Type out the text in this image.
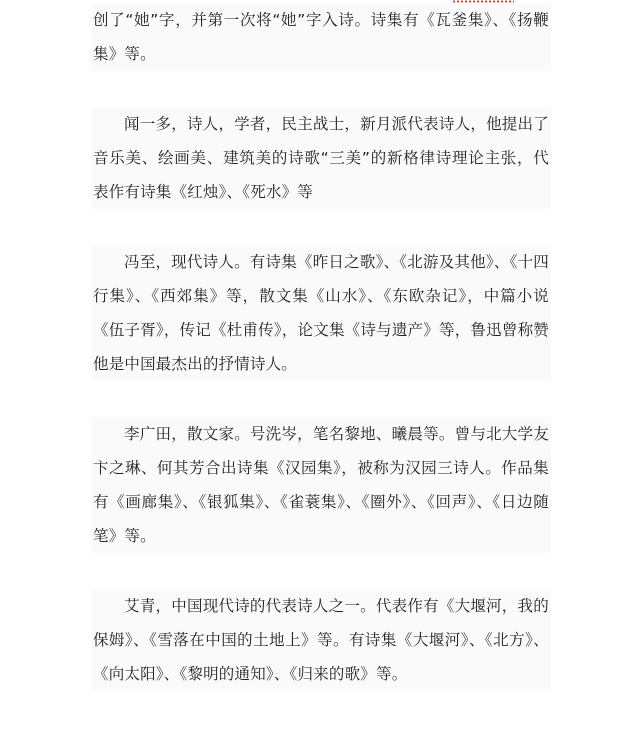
创了“她”字，并第一次将“她”字入诗。诗集有《瓦釜集》、《扬鞭集》等。

闻一多，诗人，学者，民主战士，新月派代表诗人，他提出了音乐美、绘画美、建筑美的诗歌“三美”的新格律诗理论主张，代表作有诗集《红烛》、《死水》等

冯至，现代诗人。有诗集《昨日之歌》、《北游及其他》、《十四行集》、《西郊集》等，散文集《山水》、《东欧杂记》，中篇小说《伍子胥》，传记《杜甫传》，论文集《诗与遗产》等，鲁迅曾称赞他是中国最杰出的抒情诗人。

李广田，散文家。号洗岑，笔名黎地、曦晨等。曾与北大学友卞之琳、何其芳合出诗集《汉园集》，被称为汉园三诗人。作品集有《画廊集》、《银狐集》、《雀蓑集》、《圈外》、《回声》、《日边随笔》等。

艾青，中国现代诗的代表诗人之一。代表作有《大堰河，我的保姆》、《雪落在中国的土地上》等。有诗集《大堰河》、《北方》、《向太阳》、《黎明的通知》、《归来的歌》等。
